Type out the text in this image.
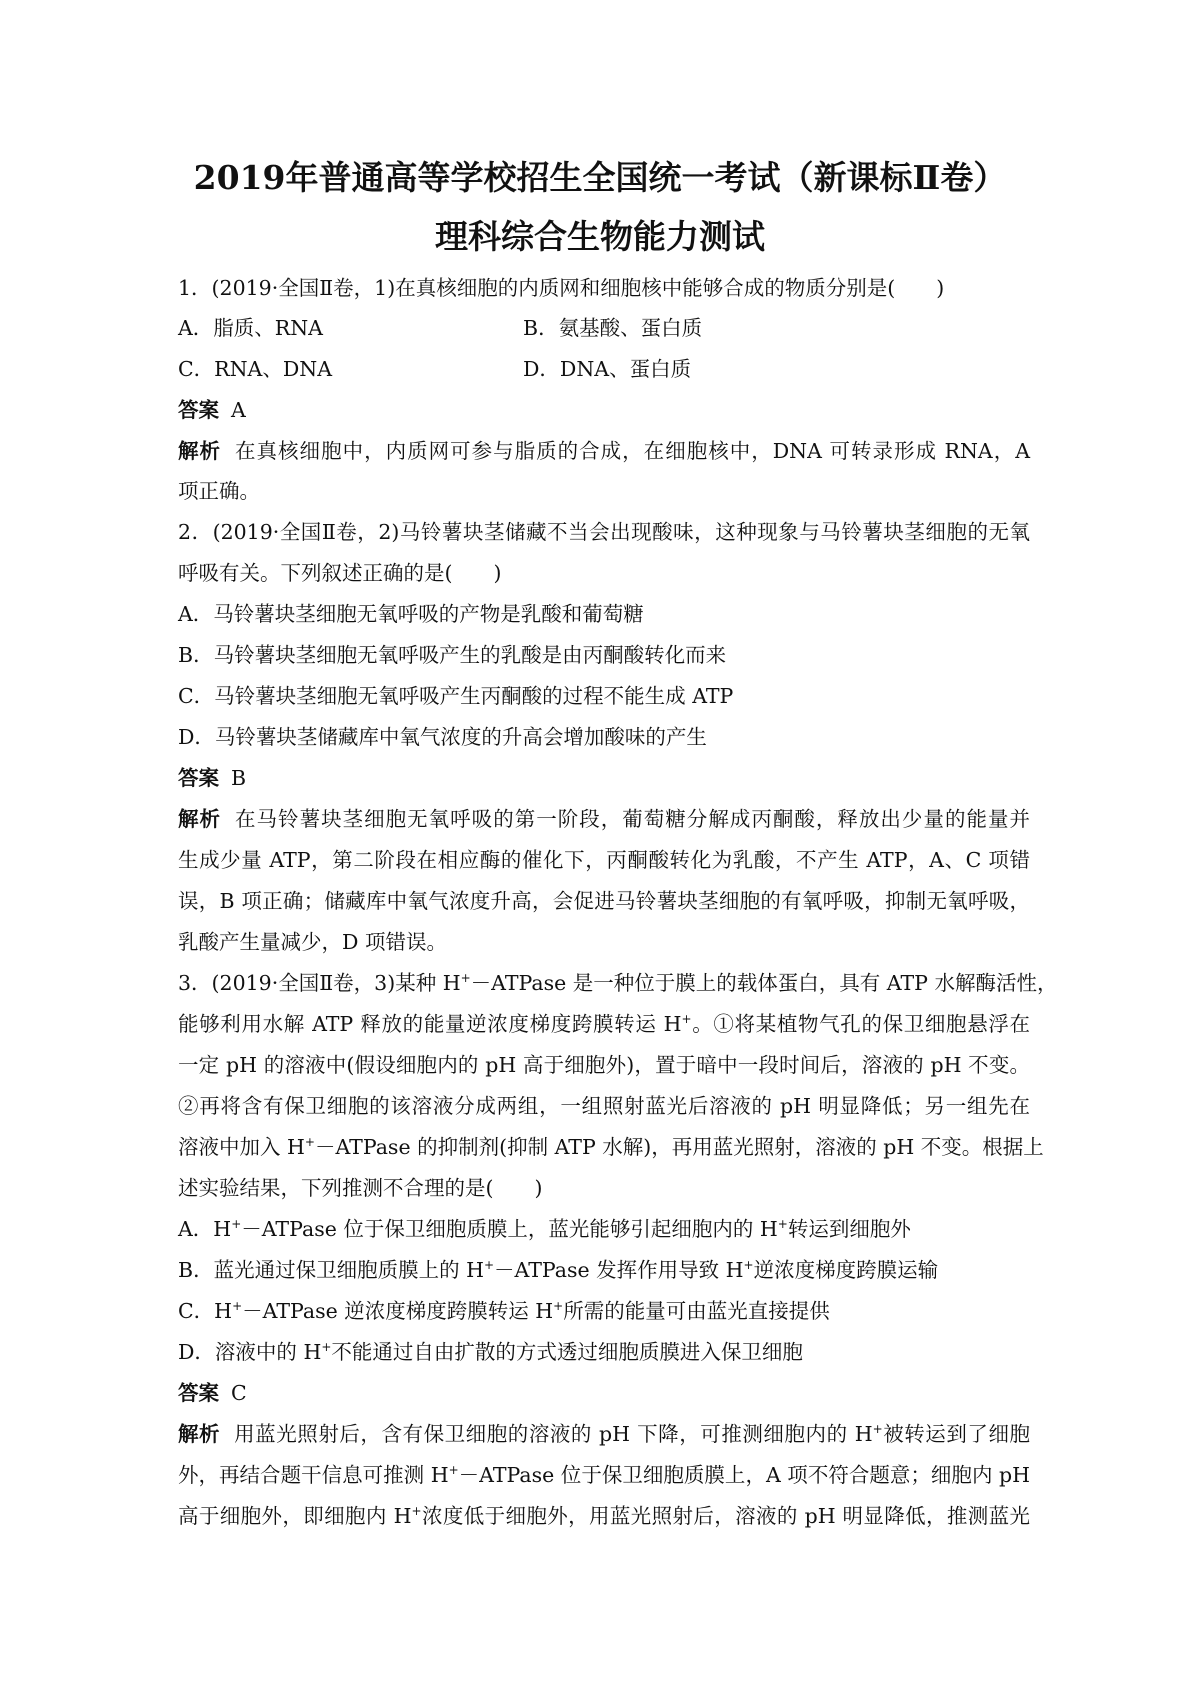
2019年普通高等学校招生全国统一考试（新课标Ⅱ卷）
理科综合生物能力测试
1．(2019·全国Ⅱ卷，1)在真核细胞的内质网和细胞核中能够合成的物质分别是(　　)
A．脂质、RNA	B．氨基酸、蛋白质
C．RNA、DNA	D．DNA、蛋白质
答案 A
解析 在真核细胞中，内质网可参与脂质的合成，在细胞核中，DNA 可转录形成 RNA，A
项正确。
2．(2019·全国Ⅱ卷，2)马铃薯块茎储藏不当会出现酸味，这种现象与马铃薯块茎细胞的无氧
呼吸有关。下列叙述正确的是(　　)
A．马铃薯块茎细胞无氧呼吸的产物是乳酸和葡萄糖
B．马铃薯块茎细胞无氧呼吸产生的乳酸是由丙酮酸转化而来
C．马铃薯块茎细胞无氧呼吸产生丙酮酸的过程不能生成 ATP
D．马铃薯块茎储藏库中氧气浓度的升高会增加酸味的产生
答案 B
解析 在马铃薯块茎细胞无氧呼吸的第一阶段，葡萄糖分解成丙酮酸，释放出少量的能量并
生成少量 ATP，第二阶段在相应酶的催化下，丙酮酸转化为乳酸，不产生 ATP，A、C 项错
误，B 项正确；储藏库中氧气浓度升高，会促进马铃薯块茎细胞的有氧呼吸，抑制无氧呼吸，
乳酸产生量减少，D 项错误。
3．(2019·全国Ⅱ卷，3)某种 H+－ATPase 是一种位于膜上的载体蛋白，具有 ATP 水解酶活性，
能够利用水解 ATP 释放的能量逆浓度梯度跨膜转运 H+。①将某植物气孔的保卫细胞悬浮在
一定 pH 的溶液中(假设细胞内的 pH 高于细胞外)，置于暗中一段时间后，溶液的 pH 不变。
②再将含有保卫细胞的该溶液分成两组，一组照射蓝光后溶液的 pH 明显降低；另一组先在
溶液中加入 H+－ATPase 的抑制剂(抑制 ATP 水解)，再用蓝光照射，溶液的 pH 不变。根据上
述实验结果，下列推测不合理的是(　　)
A．H+－ATPase 位于保卫细胞质膜上，蓝光能够引起细胞内的 H+转运到细胞外
B．蓝光通过保卫细胞质膜上的 H+－ATPase 发挥作用导致 H+逆浓度梯度跨膜运输
C．H+－ATPase 逆浓度梯度跨膜转运 H+所需的能量可由蓝光直接提供
D．溶液中的 H+不能通过自由扩散的方式透过细胞质膜进入保卫细胞
答案 C
解析 用蓝光照射后，含有保卫细胞的溶液的 pH 下降，可推测细胞内的 H+被转运到了细胞
外，再结合题干信息可推测 H+－ATPase 位于保卫细胞质膜上，A 项不符合题意；细胞内 pH
高于细胞外，即细胞内 H+浓度低于细胞外，用蓝光照射后，溶液的 pH 明显降低，推测蓝光
